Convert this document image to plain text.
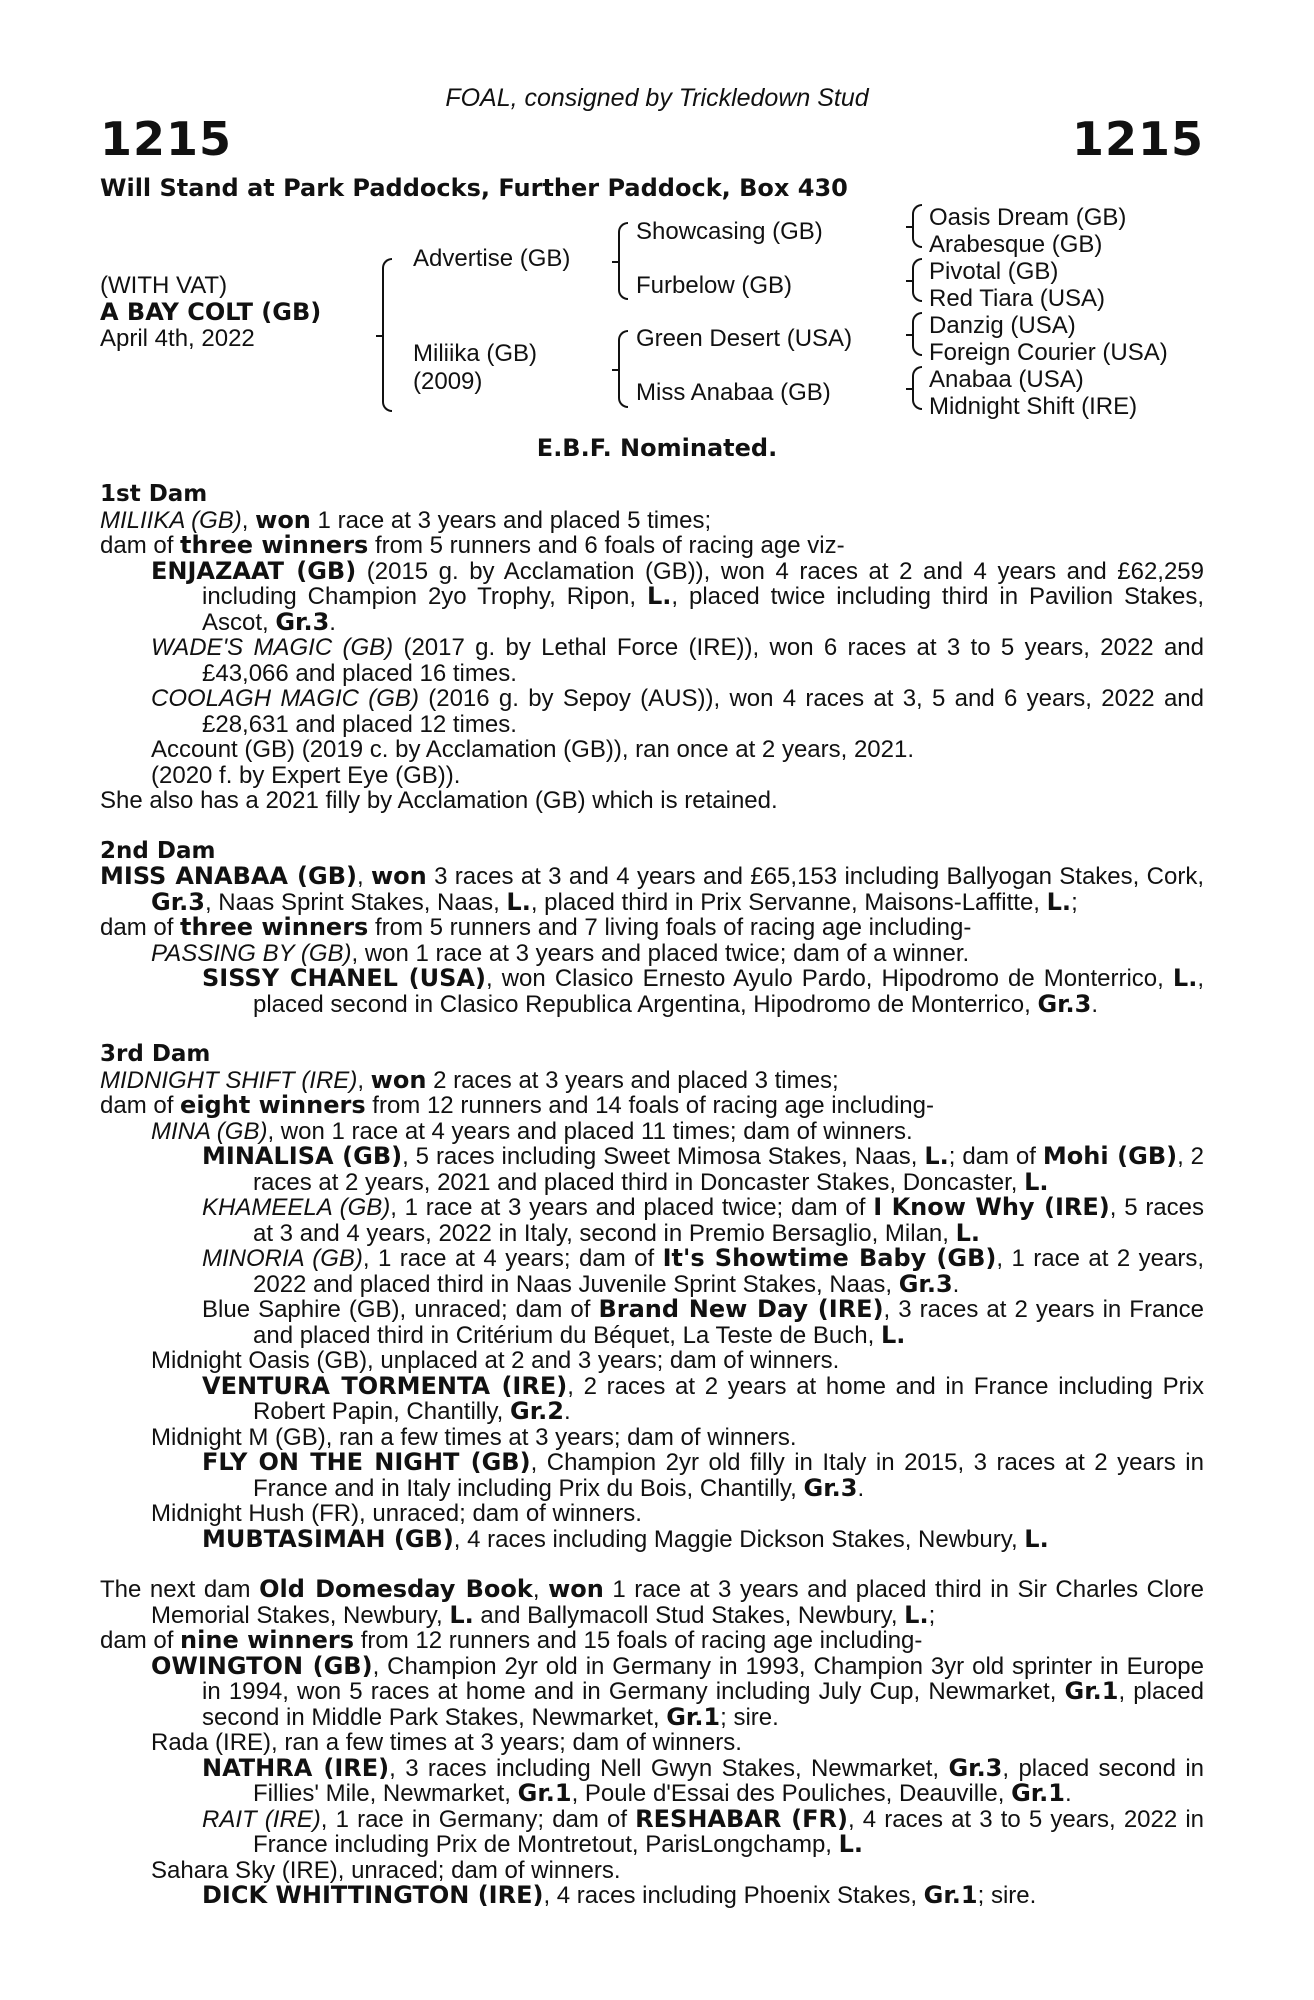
FOAL, consigned by Trickledown Stud
1215	1215
Will Stand at Park Paddocks, Further Paddock, Box 430
(WITH VAT)
A BAY COLT (GB)
April 4th, 2022
Advertise (GB)
Miliika (GB)
(2009)
Showcasing (GB)
Furbelow (GB)
Green Desert (USA)
Miss Anabaa (GB)
Oasis Dream (GB)
Arabesque (GB)
Pivotal (GB)
Red Tiara (USA)
Danzig (USA)
Foreign Courier (USA)
Anabaa (USA)
Midnight Shift (IRE)
E.B.F. Nominated.
1st Dam
MILIIKA (GB), won 1 race at 3 years and placed 5 times;
dam of three winners from 5 runners and 6 foals of racing age viz-
ENJAZAAT (GB) (2015 g. by Acclamation (GB)), won 4 races at 2 and 4 years and £62,259 including Champion 2yo Trophy, Ripon, L., placed twice including third in Pavilion Stakes, Ascot, Gr.3.
WADE'S MAGIC (GB) (2017 g. by Lethal Force (IRE)), won 6 races at 3 to 5 years, 2022 and £43,066 and placed 16 times.
COOLAGH MAGIC (GB) (2016 g. by Sepoy (AUS)), won 4 races at 3, 5 and 6 years, 2022 and £28,631 and placed 12 times.
Account (GB) (2019 c. by Acclamation (GB)), ran once at 2 years, 2021.
(2020 f. by Expert Eye (GB)).
She also has a 2021 filly by Acclamation (GB) which is retained.
2nd Dam
MISS ANABAA (GB), won 3 races at 3 and 4 years and £65,153 including Ballyogan Stakes, Cork, Gr.3, Naas Sprint Stakes, Naas, L., placed third in Prix Servanne, Maisons-Laffitte, L.;
dam of three winners from 5 runners and 7 living foals of racing age including-
PASSING BY (GB), won 1 race at 3 years and placed twice; dam of a winner.
SISSY CHANEL (USA), won Clasico Ernesto Ayulo Pardo, Hipodromo de Monterrico, L., placed second in Clasico Republica Argentina, Hipodromo de Monterrico, Gr.3.
3rd Dam
MIDNIGHT SHIFT (IRE), won 2 races at 3 years and placed 3 times;
dam of eight winners from 12 runners and 14 foals of racing age including-
MINA (GB), won 1 race at 4 years and placed 11 times; dam of winners.
MINALISA (GB), 5 races including Sweet Mimosa Stakes, Naas, L.; dam of Mohi (GB), 2 races at 2 years, 2021 and placed third in Doncaster Stakes, Doncaster, L.
KHAMEELA (GB), 1 race at 3 years and placed twice; dam of I Know Why (IRE), 5 races at 3 and 4 years, 2022 in Italy, second in Premio Bersaglio, Milan, L.
MINORIA (GB), 1 race at 4 years; dam of It's Showtime Baby (GB), 1 race at 2 years, 2022 and placed third in Naas Juvenile Sprint Stakes, Naas, Gr.3.
Blue Saphire (GB), unraced; dam of Brand New Day (IRE), 3 races at 2 years in France and placed third in Critérium du Béquet, La Teste de Buch, L.
Midnight Oasis (GB), unplaced at 2 and 3 years; dam of winners.
VENTURA TORMENTA (IRE), 2 races at 2 years at home and in France including Prix Robert Papin, Chantilly, Gr.2.
Midnight M (GB), ran a few times at 3 years; dam of winners.
FLY ON THE NIGHT (GB), Champion 2yr old filly in Italy in 2015, 3 races at 2 years in France and in Italy including Prix du Bois, Chantilly, Gr.3.
Midnight Hush (FR), unraced; dam of winners.
MUBTASIMAH (GB), 4 races including Maggie Dickson Stakes, Newbury, L.
The next dam Old Domesday Book, won 1 race at 3 years and placed third in Sir Charles Clore Memorial Stakes, Newbury, L. and Ballymacoll Stud Stakes, Newbury, L.;
dam of nine winners from 12 runners and 15 foals of racing age including-
OWINGTON (GB), Champion 2yr old in Germany in 1993, Champion 3yr old sprinter in Europe in 1994, won 5 races at home and in Germany including July Cup, Newmarket, Gr.1, placed second in Middle Park Stakes, Newmarket, Gr.1; sire.
Rada (IRE), ran a few times at 3 years; dam of winners.
NATHRA (IRE), 3 races including Nell Gwyn Stakes, Newmarket, Gr.3, placed second in Fillies' Mile, Newmarket, Gr.1, Poule d'Essai des Pouliches, Deauville, Gr.1.
RAIT (IRE), 1 race in Germany; dam of RESHABAR (FR), 4 races at 3 to 5 years, 2022 in France including Prix de Montretout, ParisLongchamp, L.
Sahara Sky (IRE), unraced; dam of winners.
DICK WHITTINGTON (IRE), 4 races including Phoenix Stakes, Gr.1; sire.
